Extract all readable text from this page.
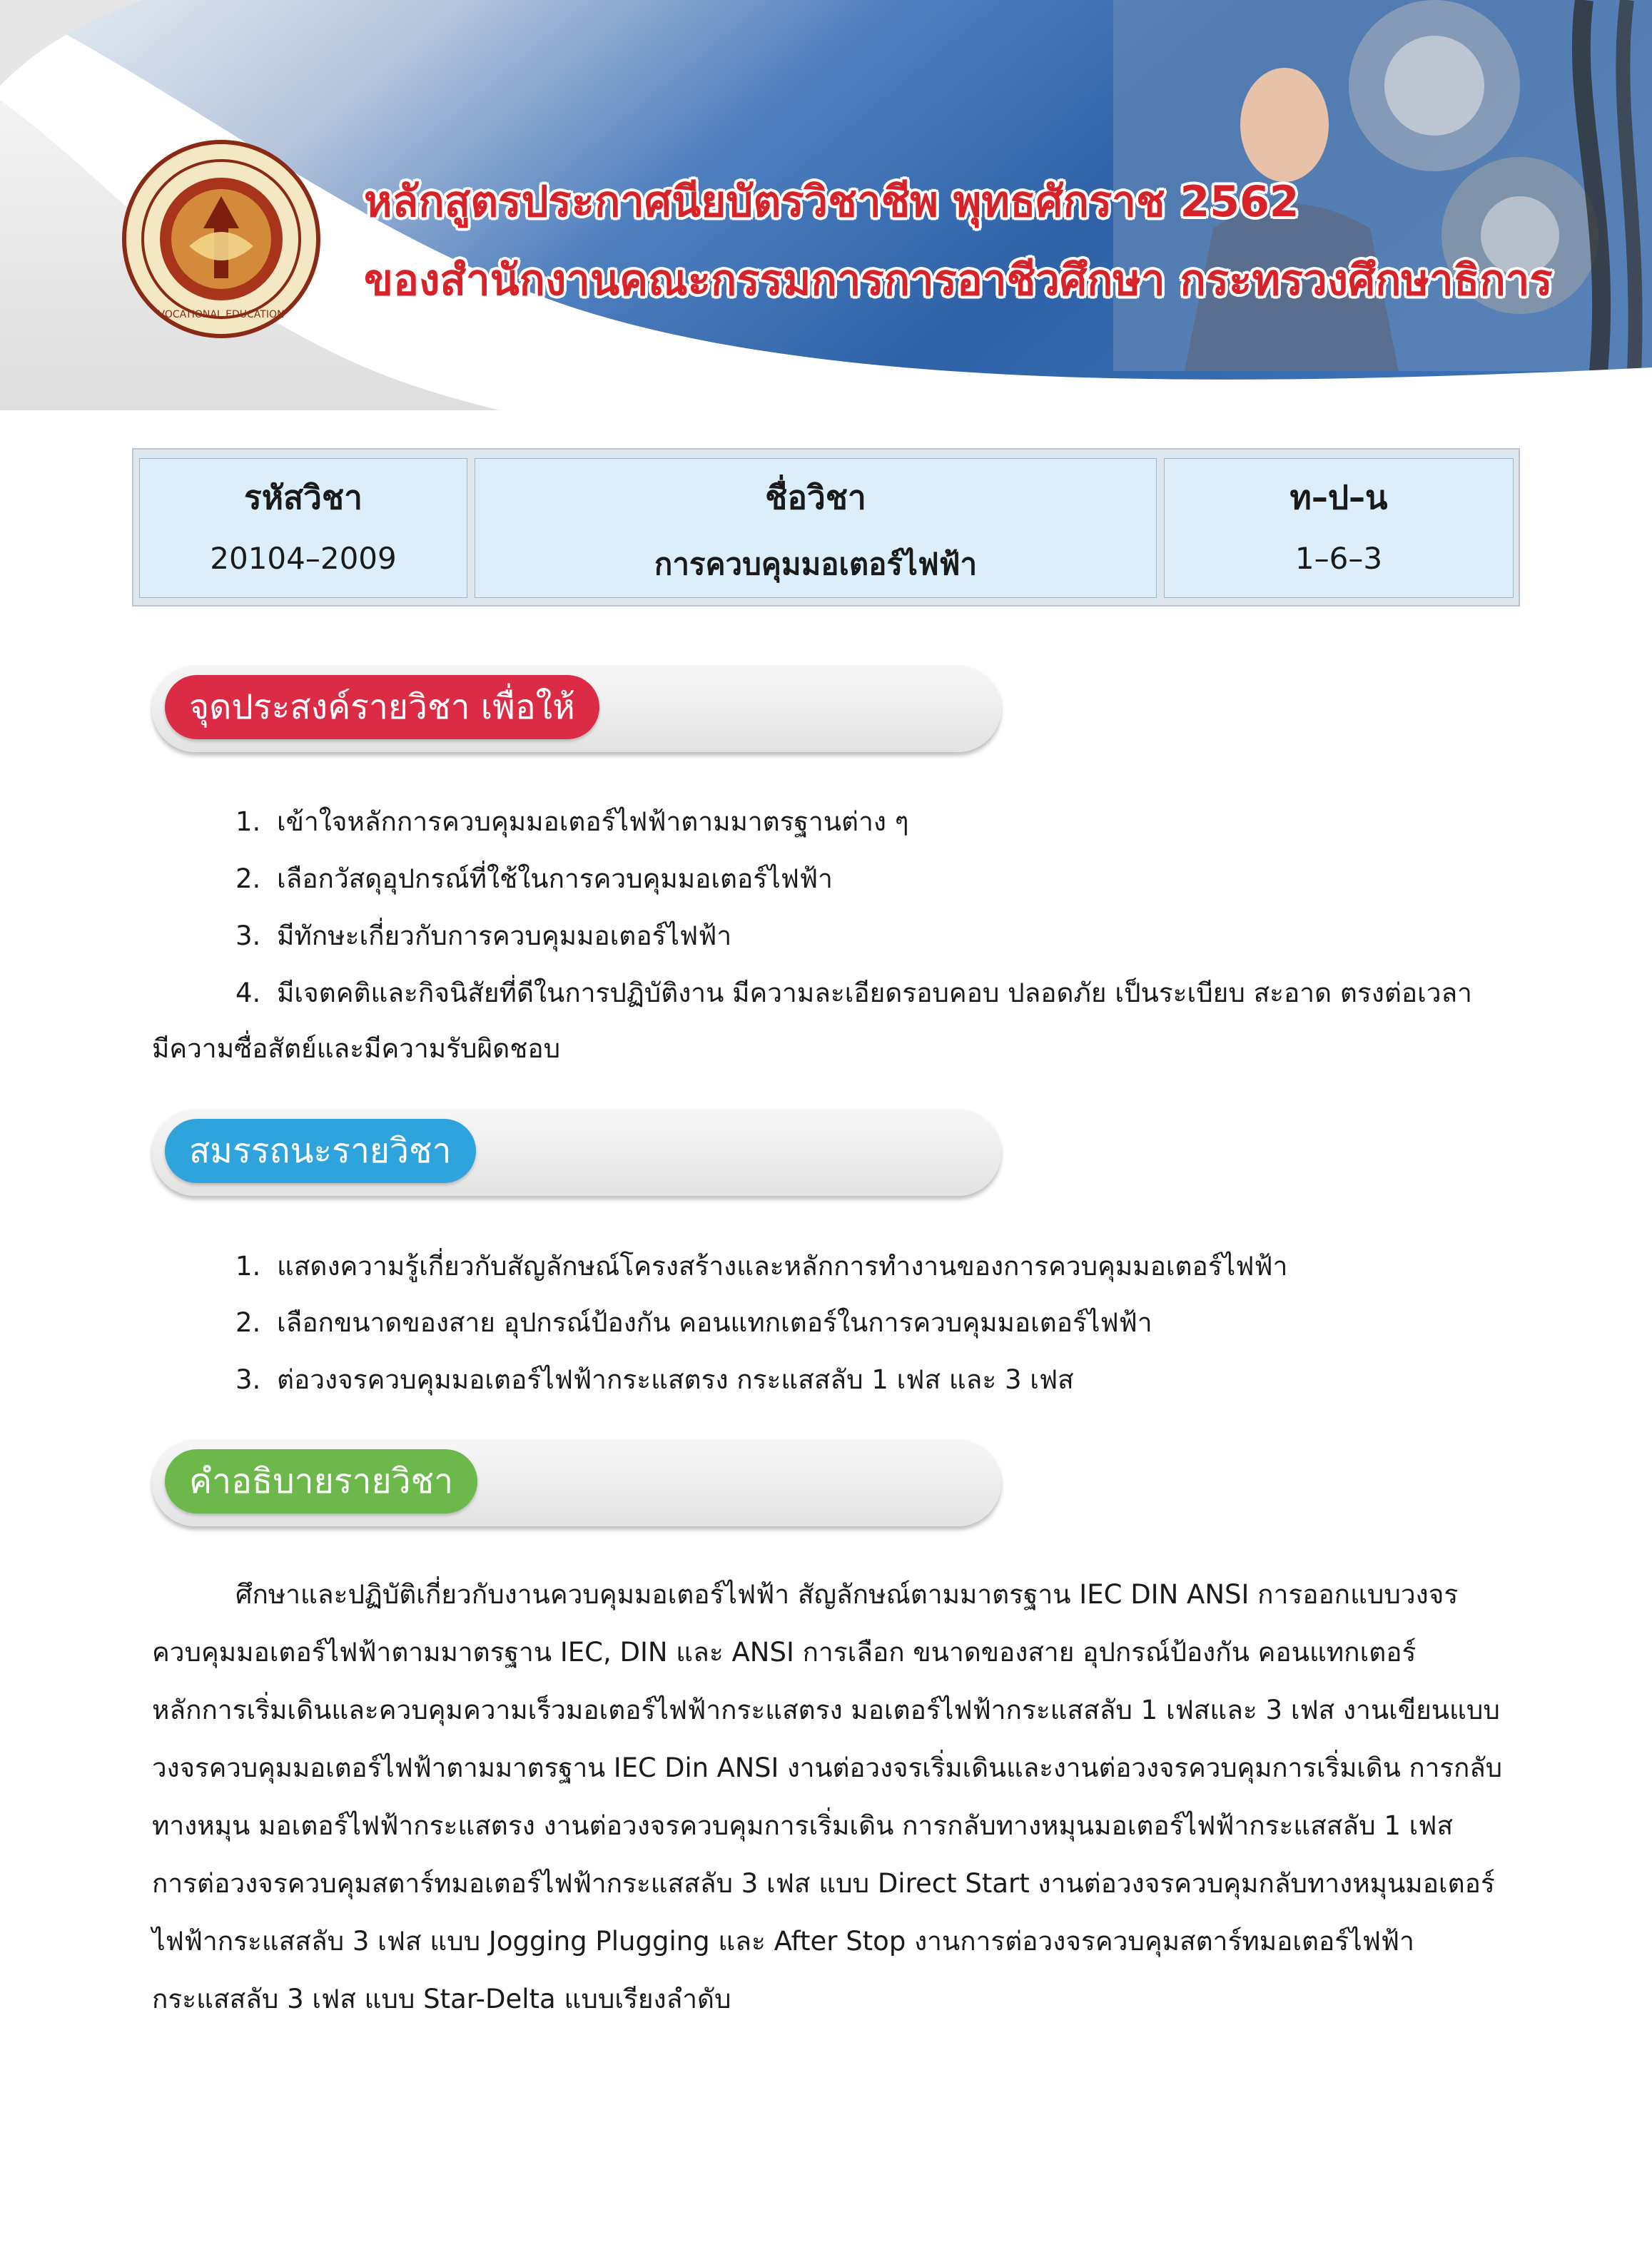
VOCATIONAL EDUCATION
หลักสูตรประกาศนียบัตรวิชาชีพ พุทธศักราช 2562
ของสำนักงานคณะกรรมการการอาชีวศึกษา กระทรวงศึกษาธิการ
รหัสวิชา
20104–2009
ชื่อวิชา
การควบคุมมอเตอร์ไฟฟ้า
ท–ป–น
1–6–3
จุดประสงค์รายวิชา เพื่อให้
1. เข้าใจหลักการควบคุมมอเตอร์ไฟฟ้าตามมาตรฐานต่าง ๆ
2. เลือกวัสดุอุปกรณ์ที่ใช้ในการควบคุมมอเตอร์ไฟฟ้า
3. มีทักษะเกี่ยวกับการควบคุมมอเตอร์ไฟฟ้า
4. มีเจตคติและกิจนิสัยที่ดีในการปฏิบัติงาน มีความละเอียดรอบคอบ ปลอดภัย เป็นระเบียบ สะอาด ตรงต่อเวลา
มีความซื่อสัตย์และมีความรับผิดชอบ
สมรรถนะรายวิชา
1. แสดงความรู้เกี่ยวกับสัญลักษณ์โครงสร้างและหลักการทำงานของการควบคุมมอเตอร์ไฟฟ้า
2. เลือกขนาดของสาย อุปกรณ์ป้องกัน คอนแทกเตอร์ในการควบคุมมอเตอร์ไฟฟ้า
3. ต่อวงจรควบคุมมอเตอร์ไฟฟ้ากระแสตรง กระแสสลับ 1 เฟส และ 3 เฟส
คำอธิบายรายวิชา
ศึกษาและปฏิบัติเกี่ยวกับงานควบคุมมอเตอร์ไฟฟ้า สัญลักษณ์ตามมาตรฐาน IEC DIN ANSI การออกแบบวงจร
ควบคุมมอเตอร์ไฟฟ้าตามมาตรฐาน IEC, DIN และ ANSI การเลือก ขนาดของสาย อุปกรณ์ป้องกัน คอนแทกเตอร์
หลักการเริ่มเดินและควบคุมความเร็วมอเตอร์ไฟฟ้ากระแสตรง มอเตอร์ไฟฟ้ากระแสสลับ 1 เฟสและ 3 เฟส งานเขียนแบบ
วงจรควบคุมมอเตอร์ไฟฟ้าตามมาตรฐาน IEC Din ANSI งานต่อวงจรเริ่มเดินและงานต่อวงจรควบคุมการเริ่มเดิน การกลับ
ทางหมุน มอเตอร์ไฟฟ้ากระแสตรง งานต่อวงจรควบคุมการเริ่มเดิน การกลับทางหมุนมอเตอร์ไฟฟ้ากระแสสลับ 1 เฟส
การต่อวงจรควบคุมสตาร์ทมอเตอร์ไฟฟ้ากระแสสลับ 3 เฟส แบบ Direct Start งานต่อวงจรควบคุมกลับทางหมุนมอเตอร์
ไฟฟ้ากระแสสลับ 3 เฟส แบบ Jogging Plugging และ After Stop งานการต่อวงจรควบคุมสตาร์ทมอเตอร์ไฟฟ้า
กระแสสลับ 3 เฟส แบบ Star-Delta แบบเรียงลำดับ
